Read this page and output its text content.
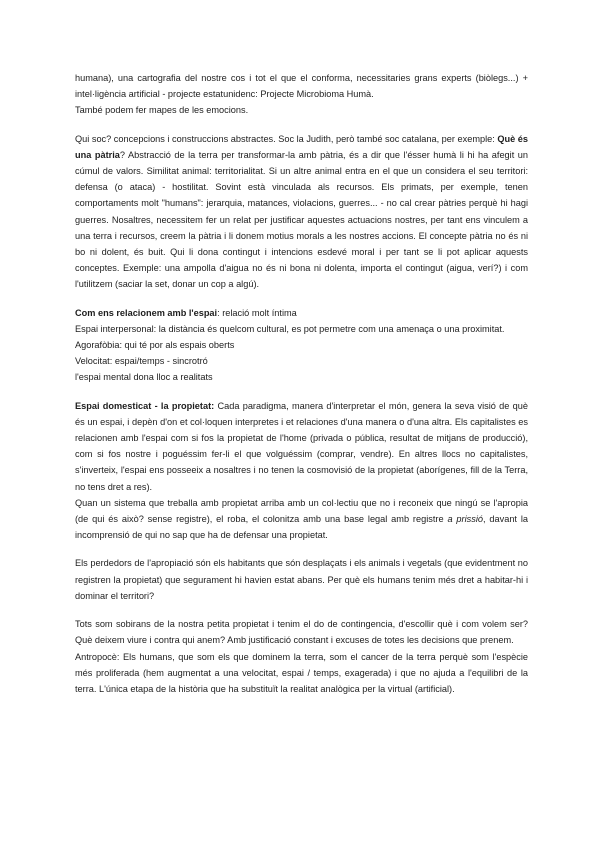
humana), una cartografia del nostre cos i tot el que el conforma, necessitaries grans experts (biòlegs...) + intel·ligència artificial - projecte estatunidenc: Projecte Microbioma Humà.

També podem fer mapes de les emocions.

Qui soc? concepcions i construccions abstractes. Soc la Judith, però també soc catalana, per exemple: Què és una pàtria? Abstracció de la terra per transformar-la amb pàtria, és a dir que l'ésser humà li hi ha afegit un cúmul de valors. Similitat animal: territorialitat. Si un altre animal entra en el que un considera el seu territori: defensa (o ataca) - hostilitat. Sovint està vinculada als recursos. Els primats, per exemple, tenen comportaments molt "humans": jerarquia, matances, violacions, guerres... - no cal crear pàtries perquè hi hagi guerres. Nosaltres, necessitem fer un relat per justificar aquestes actuacions nostres, per tant ens vinculem a una terra i recursos, creem la pàtria i li donem motius morals a les nostres accions. El concepte pàtria no és ni bo ni dolent, és buit. Qui li dona contingut i intencions esdevé moral i per tant se li pot aplicar aquests conceptes. Exemple: una ampolla d'aigua no és ni bona ni dolenta, importa el contingut (aigua, verí?) i com l'utilitzem (saciar la set, donar un cop a algú).

Com ens relacionem amb l'espai: relació molt íntima

Espai interpersonal: la distància és quelcom cultural, es pot permetre com una amenaça o una proximitat.

Agorafòbia: qui té por als espais oberts

Velocitat: espai/temps - sincrotró

l'espai mental dona lloc a realitats

Espai domesticat - la propietat: Cada paradigma, manera d'interpretar el món, genera la seva visió de què és un espai, i depèn d'on et col·loquen interpretes i et relaciones d'una manera o d'una altra. Els capitalistes es relacionen amb l'espai com si fos la propietat de l'home (privada o pública, resultat de mitjans de producció), com si fos nostre i poguéssim fer-li el que volguéssim (comprar, vendre). En altres llocs no capitalistes, s'inverteix, l'espai ens posseeix a nosaltres i no tenen la cosmovisió de la propietat (aborígenes, fill de la Terra, no tens dret a res).

Quan un sistema que treballa amb propietat arriba amb un col·lectiu que no i reconeix que ningú se l'apropia (de qui és això? sense registre), el roba, el colonitza amb una base legal amb registre a prissió, davant la incomprensió de qui no sap que ha de defensar una propietat.

Els perdedors de l'apropiació són els habitants que són desplaçats i els animals i vegetals (que evidentment no registren la propietat) que segurament hi havien estat abans. Per què els humans tenim més dret a habitar-hi i dominar el territori?

Tots som sobirans de la nostra petita propietat i tenim el do de contingencia, d'escollir què i com volem ser? Què deixem viure i contra qui anem? Amb justificació constant i excuses de totes les decisions que prenem.

Antropocè: Els humans, que som els que dominem la terra, som el cancer de la terra perquè som l'espècie més proliferada (hem augmentat a una velocitat, espai / temps, exagerada) i que no ajuda a l'equilibri de la terra. L'única etapa de la història que ha substituït la realitat analògica per la virtual (artificial).
